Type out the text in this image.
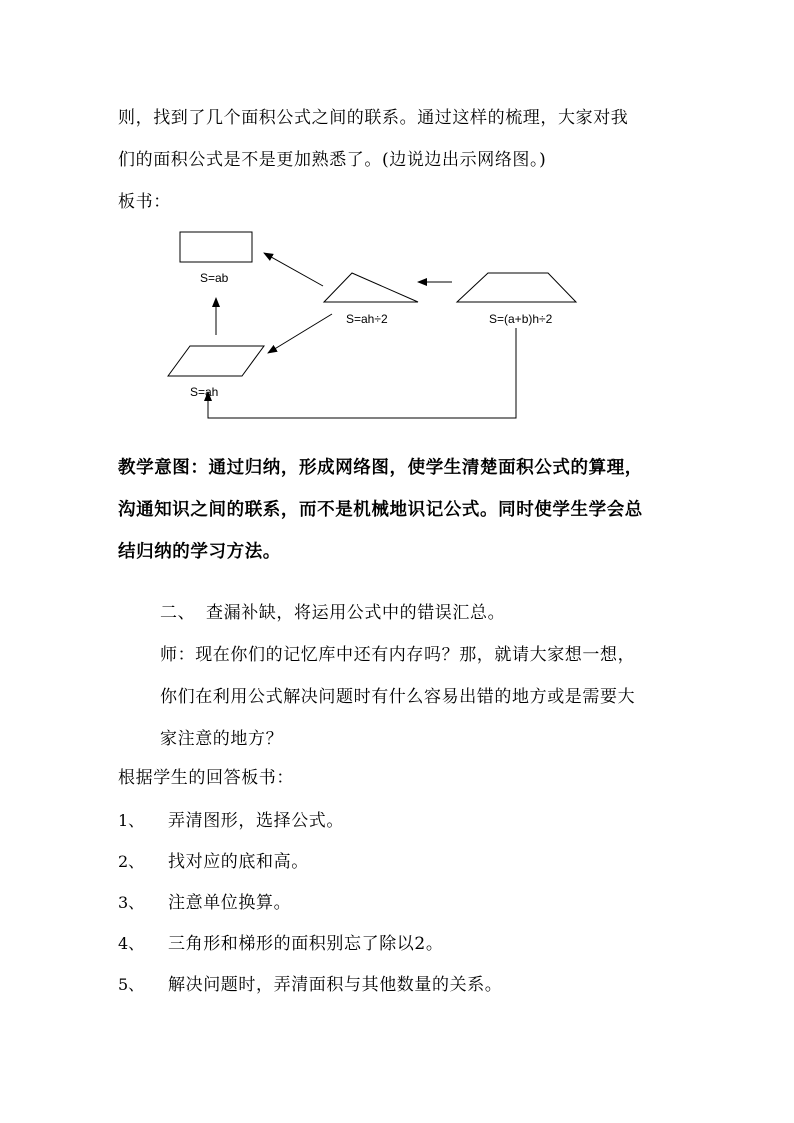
则，找到了几个面积公式之间的联系。通过这样的梳理，大家对我
们的面积公式是不是更加熟悉了。(边说边出示网络图。)
板书：
S=ab
S=ah÷2	S=(a+b)h÷2
S=ah
教学意图：通过归纳，形成网络图，使学生清楚面积公式的算理，
沟通知识之间的联系，而不是机械地识记公式。同时使学生学会总
结归纳的学习方法。
二、 查漏补缺，将运用公式中的错误汇总。
师：现在你们的记忆库中还有内存吗？那，就请大家想一想，
你们在利用公式解决问题时有什么容易出错的地方或是需要大
家注意的地方？
根据学生的回答板书：
1、 弄清图形，选择公式。
2、 找对应的底和高。
3、 注意单位换算。
4、 三角形和梯形的面积别忘了除以2。
5、 解决问题时，弄清面积与其他数量的关系。
